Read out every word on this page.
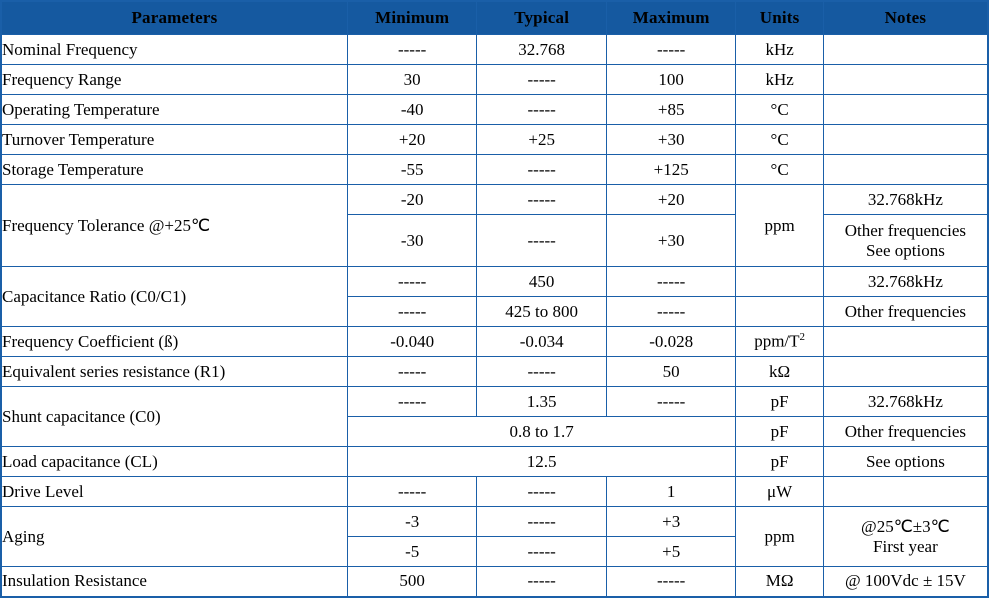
Parameters	Minimum	Typical	Maximum	Units	Notes
Nominal Frequency	-----	32.768	-----	kHz	
Frequency Range	30	-----	100	kHz	
Operating Temperature	-40	-----	+85	°C	
Turnover Temperature	+20	+25	+30	°C	
Storage Temperature	-55	-----	+125	°C	
Frequency Tolerance @+25℃	-20	-----	+20	ppm	32.768kHz
	-30	-----	+30		Other frequencies
See options

Capacitance Ratio (C0/C1)	-----	450	-----		32.768kHz
	-----	425 to 800	-----		Other frequencies
Frequency Coefficient (ß)	-0.040	-0.034	-0.028	ppm/$T^2$	
Equivalent series resistance (R1)	-----	-----	50	kΩ	
Shunt capacitance (C0)	-----	1.35	-----	pF	32.768kHz
	0.8 to 1.7			pF	Other frequencies
Load capacitance (CL)	12.5			pF	See options
Drive Level	-----	-----	1	μW	
Aging	-3	-----	+3	ppm	@25℃±3℃
First year

	-5	-----	+5		
Insulation Resistance	500	-----	-----	MΩ	@ 100Vdc ± 15V
